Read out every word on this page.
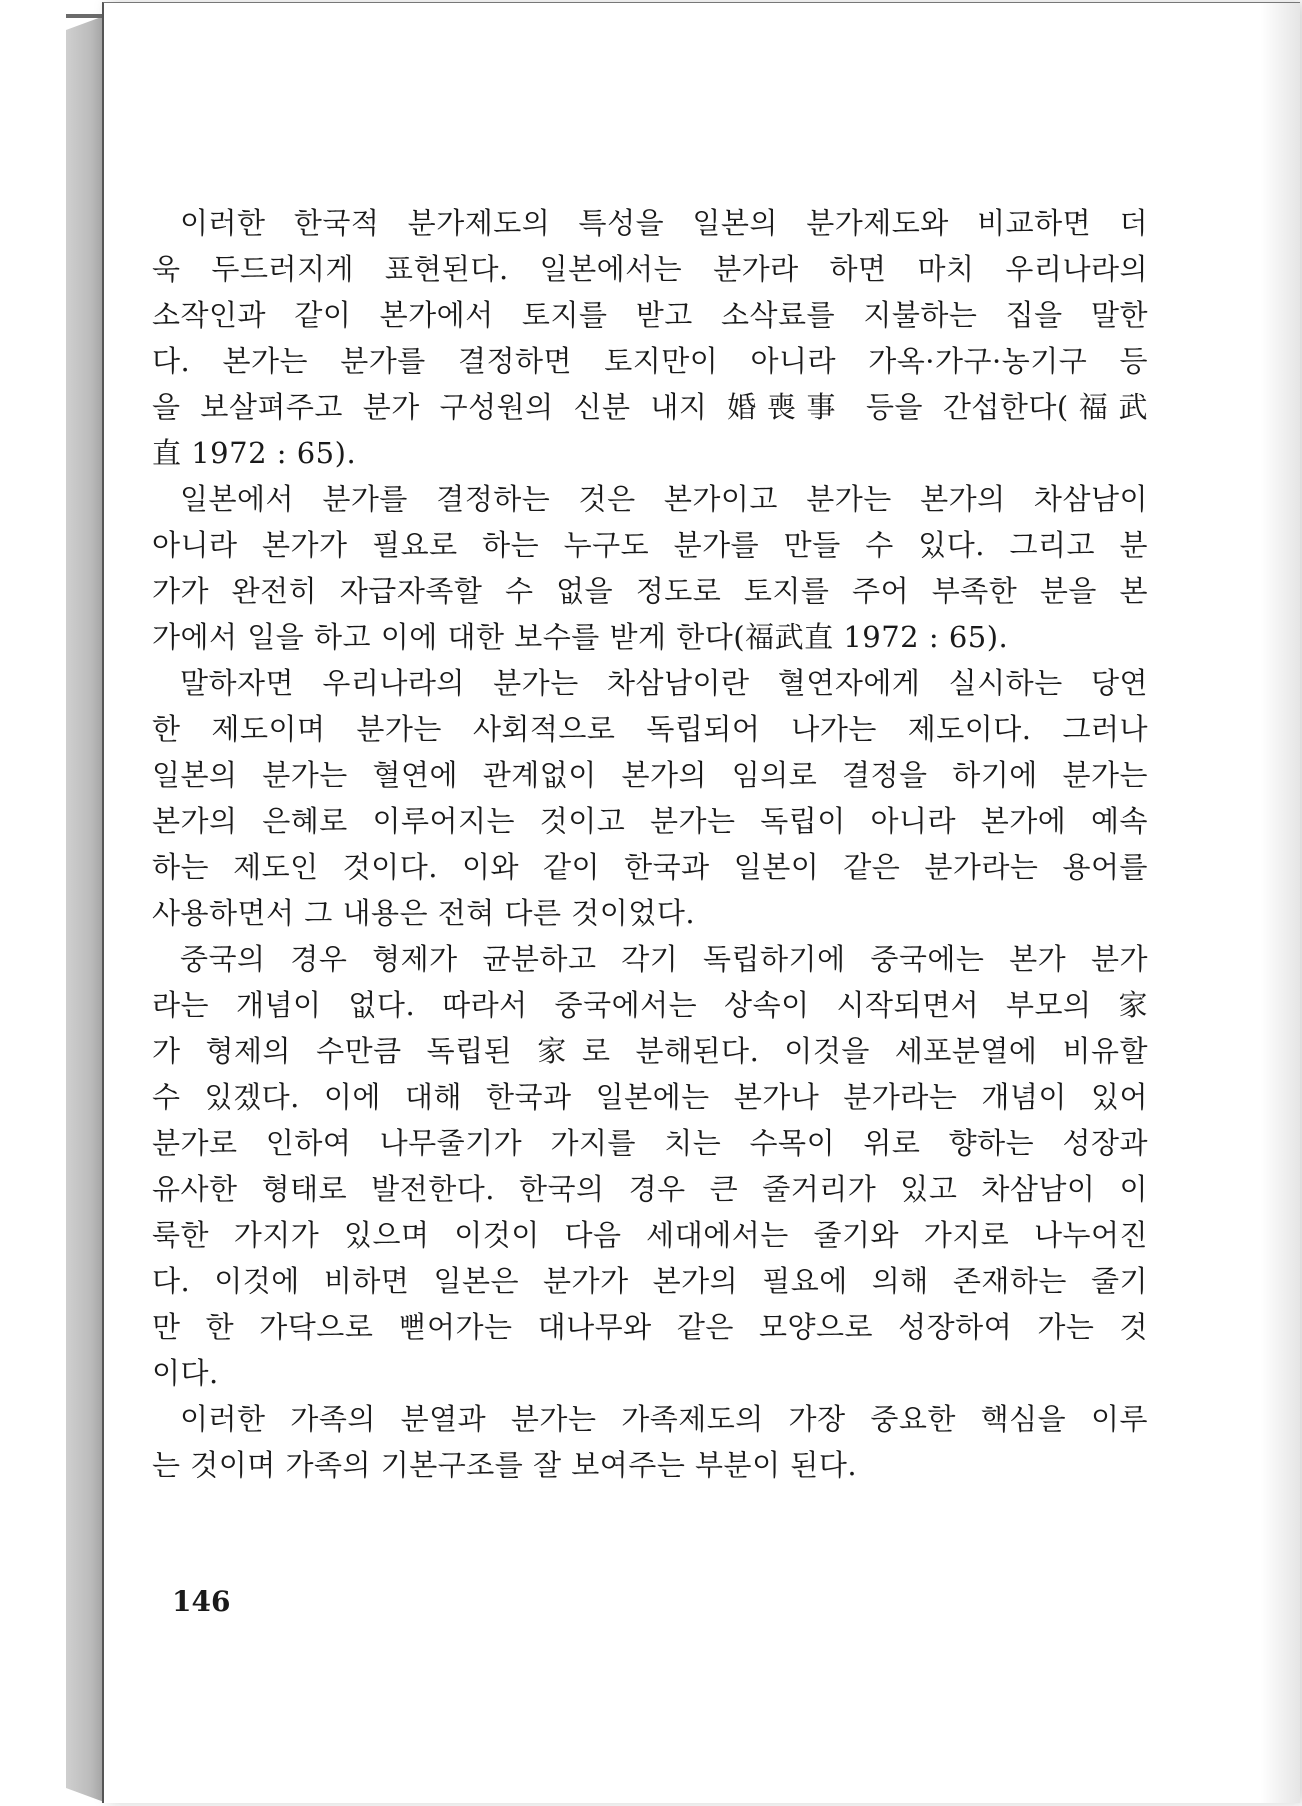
이러한 한국적 분가제도의 특성을 일본의 분가제도와 비교하면 더
욱 두드러지게 표현된다. 일본에서는 분가라 하면 마치 우리나라의
소작인과 같이 본가에서 토지를 받고 소삭료를 지불하는 집을 말한
다. 본가는 분가를 결정하면 토지만이 아니라 가옥·가구·농기구 등
을 보살펴주고 분가 구성원의 신분 내지 婚喪事 등을 간섭한다(福武
直 1972 : 65).
일본에서 분가를 결정하는 것은 본가이고 분가는 본가의 차삼남이
아니라 본가가 필요로 하는 누구도 분가를 만들 수 있다. 그리고 분
가가 완전히 자급자족할 수 없을 정도로 토지를 주어 부족한 분을 본
가에서 일을 하고 이에 대한 보수를 받게 한다(福武直 1972 : 65).
말하자면 우리나라의 분가는 차삼남이란 혈연자에게 실시하는 당연
한 제도이며 분가는 사회적으로 독립되어 나가는 제도이다. 그러나
일본의 분가는 혈연에 관계없이 본가의 임의로 결정을 하기에 분가는
본가의 은혜로 이루어지는 것이고 분가는 독립이 아니라 본가에 예속
하는 제도인 것이다. 이와 같이 한국과 일본이 같은 분가라는 용어를
사용하면서 그 내용은 전혀 다른 것이었다.
중국의 경우 형제가 균분하고 각기 독립하기에 중국에는 본가 분가
라는 개념이 없다. 따라서 중국에서는 상속이 시작되면서 부모의 家
가 형제의 수만큼 독립된 家로 분해된다. 이것을 세포분열에 비유할
수 있겠다. 이에 대해 한국과 일본에는 본가나 분가라는 개념이 있어
분가로 인하여 나무줄기가 가지를 치는 수목이 위로 향하는 성장과
유사한 형태로 발전한다. 한국의 경우 큰 줄거리가 있고 차삼남이 이
룩한 가지가 있으며 이것이 다음 세대에서는 줄기와 가지로 나누어진
다. 이것에 비하면 일본은 분가가 본가의 필요에 의해 존재하는 줄기
만 한 가닥으로 뻗어가는 대나무와 같은 모양으로 성장하여 가는 것
이다.
이러한 가족의 분열과 분가는 가족제도의 가장 중요한 핵심을 이루
는 것이며 가족의 기본구조를 잘 보여주는 부분이 된다.
146
